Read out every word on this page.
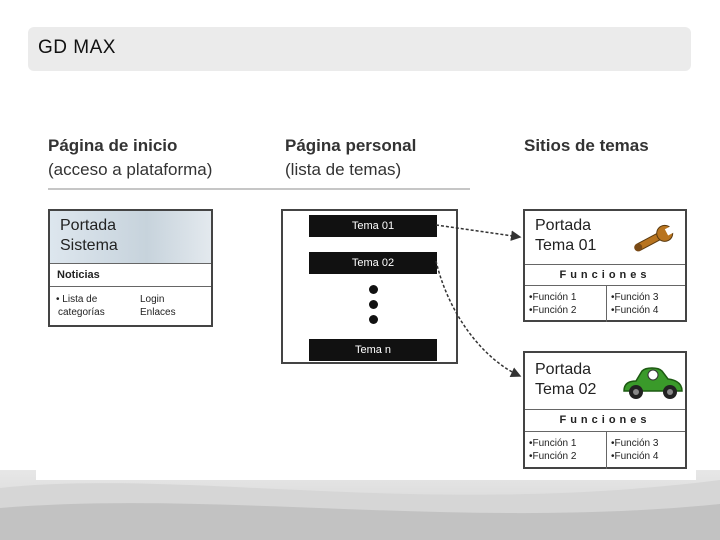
GD MAX
Página de inicio
(acceso a plataforma)
Página personal
(lista de temas)
Sitios de temas
Portada
Sistema
Noticias
• Lista de
categorías
Login
Enlaces
Tema 01
Tema 02
Tema n
Portada
Tema 01
Funciones
•Función 1
•Función 2
•Función 3
•Función 4
Portada
Tema 02
Funciones
•Función 1
•Función 2
•Función 3
•Función 4
